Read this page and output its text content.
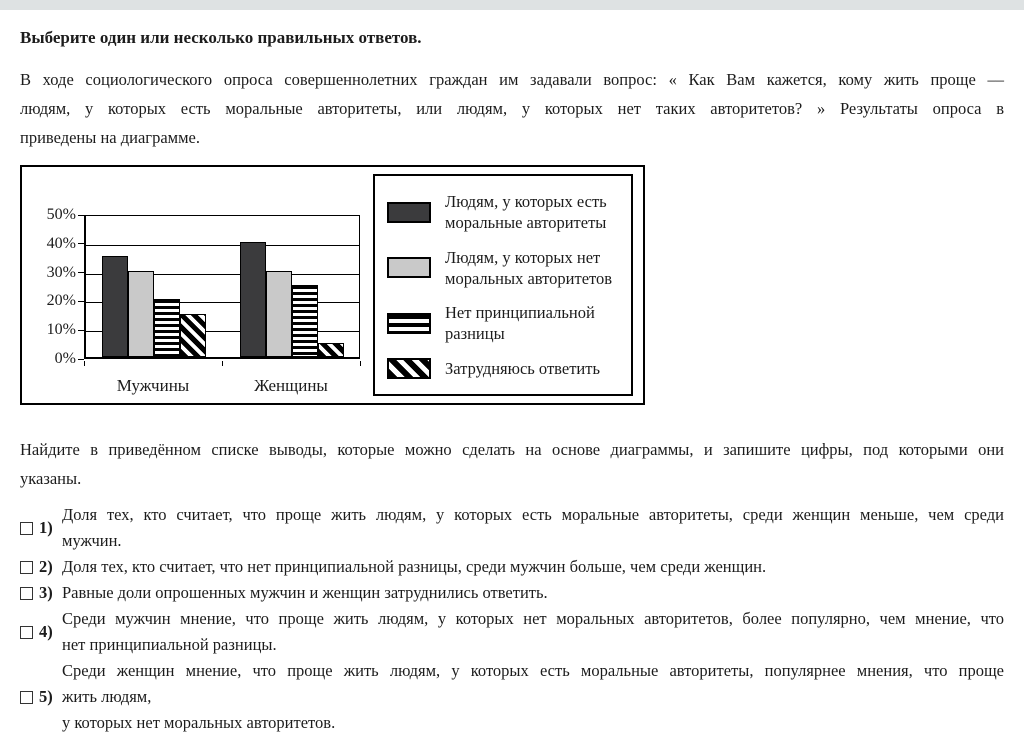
Выберите один или несколько правильных ответов.
В ходе социологического опроса совершеннолетних граждан им задавали вопрос: « Как Вам кажется, кому жить проще ––
людям, у которых есть моральные авторитеты, или людям, у которых нет таких авторитетов? » Результаты опроса в
приведены на диаграмме.
Людям, у которых есть моральные авторитеты
Людям, у которых нет моральных авторитетов
Нет принципиальной разницы
Затрудняюсь ответить
0%
10%
20%
30%
40%
50%
Мужчины	Женщины
Найдите в приведённом списке выводы, которые можно сделать на основе диаграммы, и запишите цифры, под которыми они
указаны.
1)
Доля тех, кто считает, что проще жить людям, у которых есть моральные авторитеты, среди женщин меньше, чем среди
мужчин.
2) Доля тех, кто считает, что нет принципиальной разницы, среди мужчин больше, чем среди женщин.
3) Равные доли опрошенных мужчин и женщин затруднились ответить.
4)
Среди мужчин мнение, что проще жить людям, у которых нет моральных авторитетов, более популярно, чем мнение, что
нет принципиальной разницы.
5)
Среди женщин мнение, что проще жить людям, у которых есть моральные авторитеты, популярнее мнения, что проще
жить людям,
у которых нет моральных авторитетов.
